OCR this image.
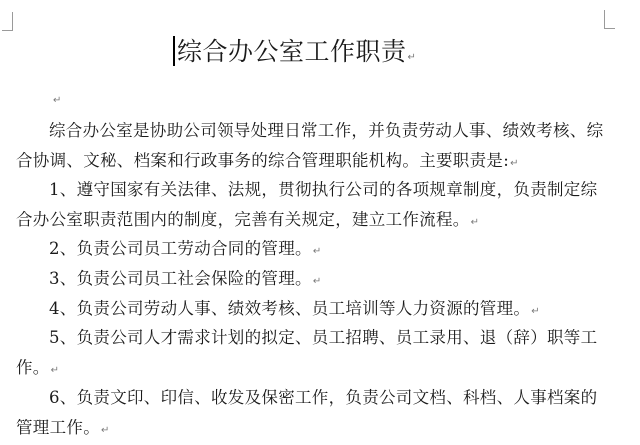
综合办公室工作职责↵
↵
综合办公室是协助公司领导处理日常工作，并负责劳动人事、绩效考核、综合协调、文秘、档案和行政事务的综合管理职能机构。主要职责是:↵
1、遵守国家有关法律、法规，贯彻执行公司的各项规章制度，负责制定综合办公室职责范围内的制度，完善有关规定，建立工作流程。↵
2、负责公司员工劳动合同的管理。↵
3、负责公司员工社会保险的管理。↵
4、负责公司劳动人事、绩效考核、员工培训等人力资源的管理。↵
5、负责公司人才需求计划的拟定、员工招聘、员工录用、退（辞）职等工作。↵
6、负责文印、印信、收发及保密工作，负责公司文档、科档、人事档案的管理工作。↵
